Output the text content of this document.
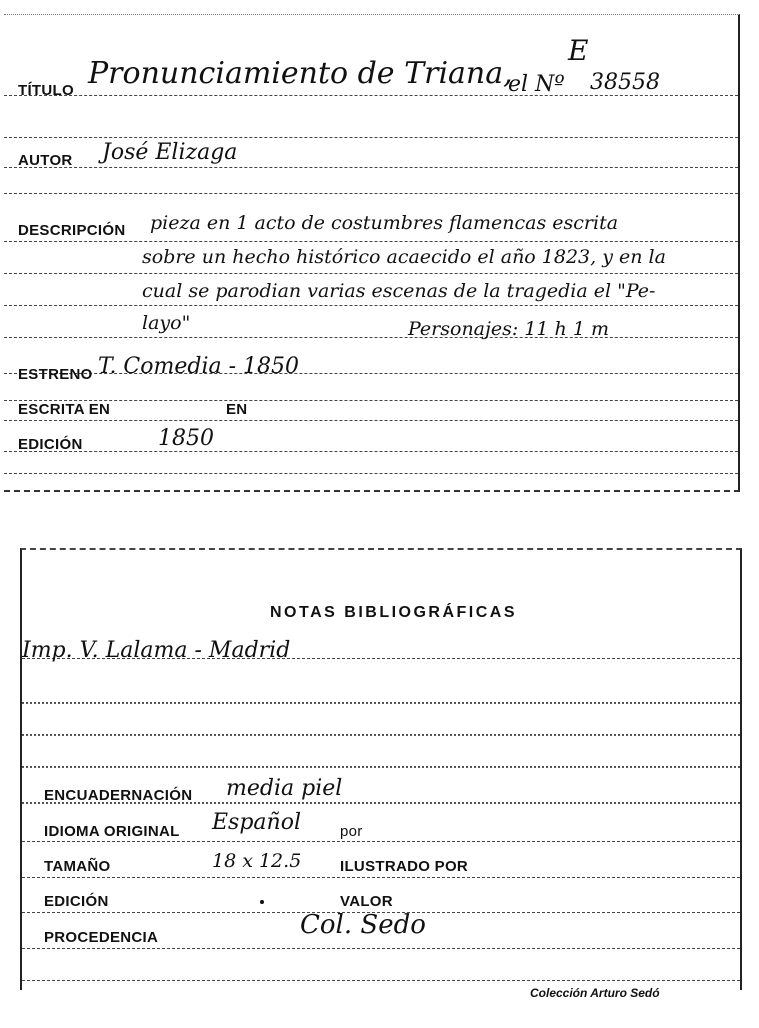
TÍTULO Pronunciamiento de Triana,
el Nº
E
38558
AUTOR José Elizaga
DESCRIPCIÓN pieza en 1 acto de costumbres flamencas escrita
sobre un hecho histórico acaecido el año 1823, y en la
cual se parodian varias escenas de la tragedia el "Pe-
layo"	Personajes: 11 h 1 m
ESTRENO T. Comedia - 1850
ESCRITA EN	EN
EDICIÓN	1850
NOTAS BIBLIOGRÁFICAS
Imp. V. Lalama - Madrid
ENCUADERNACIÓN media piel
IDIOMA ORIGINAL Español	por
TAMAÑO	18 x 12.5	ILUSTRADO POR
EDICIÓN	VALOR
PROCEDENCIA	Col. Sedo
Colección Arturo Sedó
